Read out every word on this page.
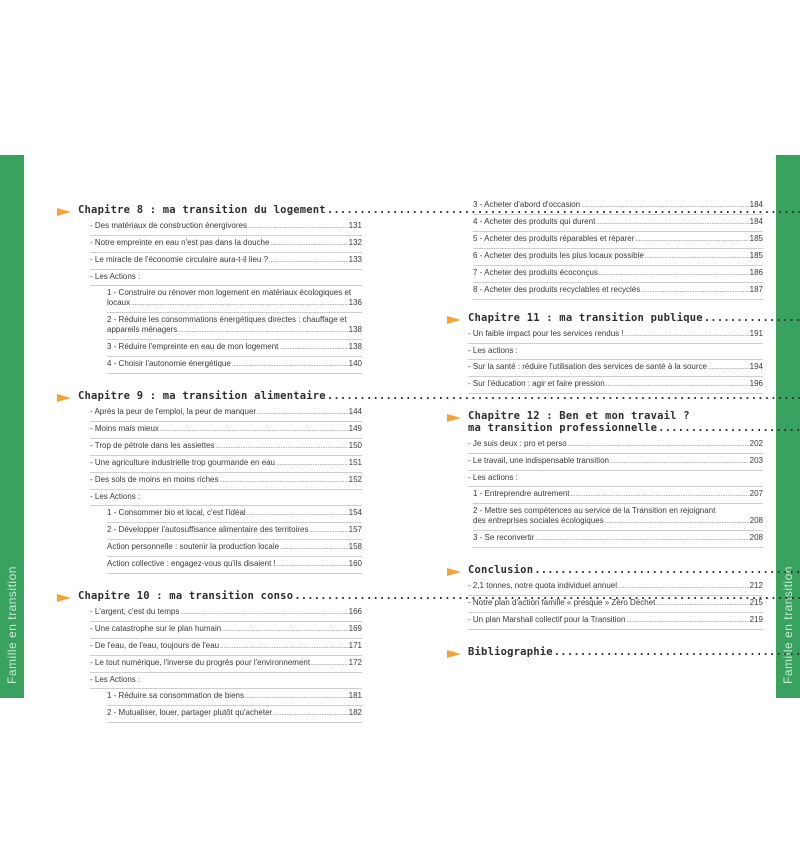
Famille en transition	Famille en transition
Chapitre 8 : ma transition du logement
.....
- Des matériaux de construction énergivores .....	131
- Notre empreinte en eau n'est pas dans la douche .....	132
- Le miracle de l'économie circulaire aura-t-il lieu ? .....	133
- Les Actions :
1 - Construire ou rénover mon logement en matériaux écologiques et
locaux .....	136
2 - Réduire les consommations énergétiques directes : chauffage et
appareils ménagers .....	138
3 - Réduire l'empreinte en eau de mon logement .....	138
4 - Choisir l'autonomie énergétique .....	140
Chapitre 9 : ma transition alimentaire
.....
- Après la peur de l'emploi, la peur de manquer .....	144
- Moins mais mieux .....	149
- Trop de pétrole dans les assiettes .....	150
- Une agriculture industrielle trop gourmande en eau .....	151
- Des sols de moins en moins riches .....	152
- Les Actions :
1 - Consommer bio et local, c'est l'idéal .....	154
2 - Développer l'autosuffisance alimentaire des territoires .....	157
Action personnelle : soutenir la production locale .....	158
Action collective : engagez-vous qu'ils disaient ! .....	160
Chapitre 10 : ma transition conso
.....
- L'argent, c'est du temps .....	166
- Une catastrophe sur le plan humain .....	169
- De l'eau, de l'eau, toujours de l'eau .....	171
- Le tout numérique, l'inverse du progrès pour l'environnement .....	172
- Les Actions :
1 - Réduire sa consommation de biens .....	181
2 - Mutualiser, louer, partager plutôt qu'acheter .....	182
3 - Acheter d'abord d'occasion .....	184
4 - Acheter des produits qui durent .....	184
5 - Acheter des produits réparables et réparer .....	185
6 - Acheter des produits les plus locaux possible .....	185
7 - Acheter des produits écoconçus .....	186
8 - Acheter des produits recyclables et recyclés .....	187
Chapitre 11 : ma transition publique
.....
- Un faible impact pour les services rendus ! .....	191
- Les actions :
- Sur la santé : réduire l'utilisation des services de santé à la source .....	194
- Sur l'éducation : agir et faire pression .....	196
Chapitre 12 : Ben et mon travail ?
ma transition professionnelle
.....
- Je suis deux : pro et perso .....	202
- Le travail, une indispensable transition .....	203
- Les actions :
1 - Entreprendre autrement .....	207
2 - Mettre ses compétences au service de la Transition en rejoignant
des entreprises sociales écologiques .....	208
3 - Se reconvertir .....	208
Conclusion
.....
- 2,1 tonnes, notre quota individuel annuel .....	212
- Notre plan d'action famille « presque » Zéro Déchet .....	215
- Un plan Marshall collectif pour la Transition .....	219
Bibliographie
.....
